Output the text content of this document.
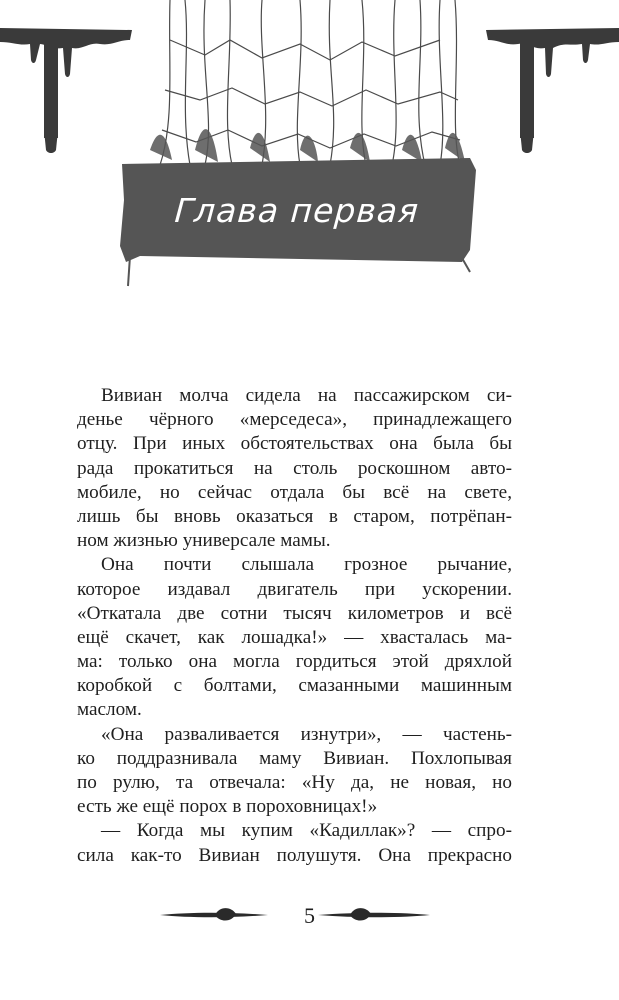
Глава первая
Вивиан молча сидела на пассажирском си-
денье чёрного «мерседеса», принадлежащего
отцу. При иных обстоятельствах она была бы
рада прокатиться на столь роскошном авто-
мобиле, но сейчас отдала бы всё на свете,
лишь бы вновь оказаться в старом, потрёпан-
ном жизнью универсале мамы.
Она почти слышала грозное рычание,
которое издавал двигатель при ускорении.
«Откатала две сотни тысяч километров и всё
ещё скачет, как лошадка!» — хвасталась ма-
ма: только она могла гордиться этой дряхлой
коробкой с болтами, смазанными машинным
маслом.
«Она разваливается изнутри», — частень-
ко поддразнивала маму Вивиан. Похлопывая
по рулю, та отвечала: «Ну да, не новая, но
есть же ещё порох в пороховницах!»
— Когда мы купим «Кадиллак»? — спро-
сила как-то Вивиан полушутя. Она прекрасно
5
